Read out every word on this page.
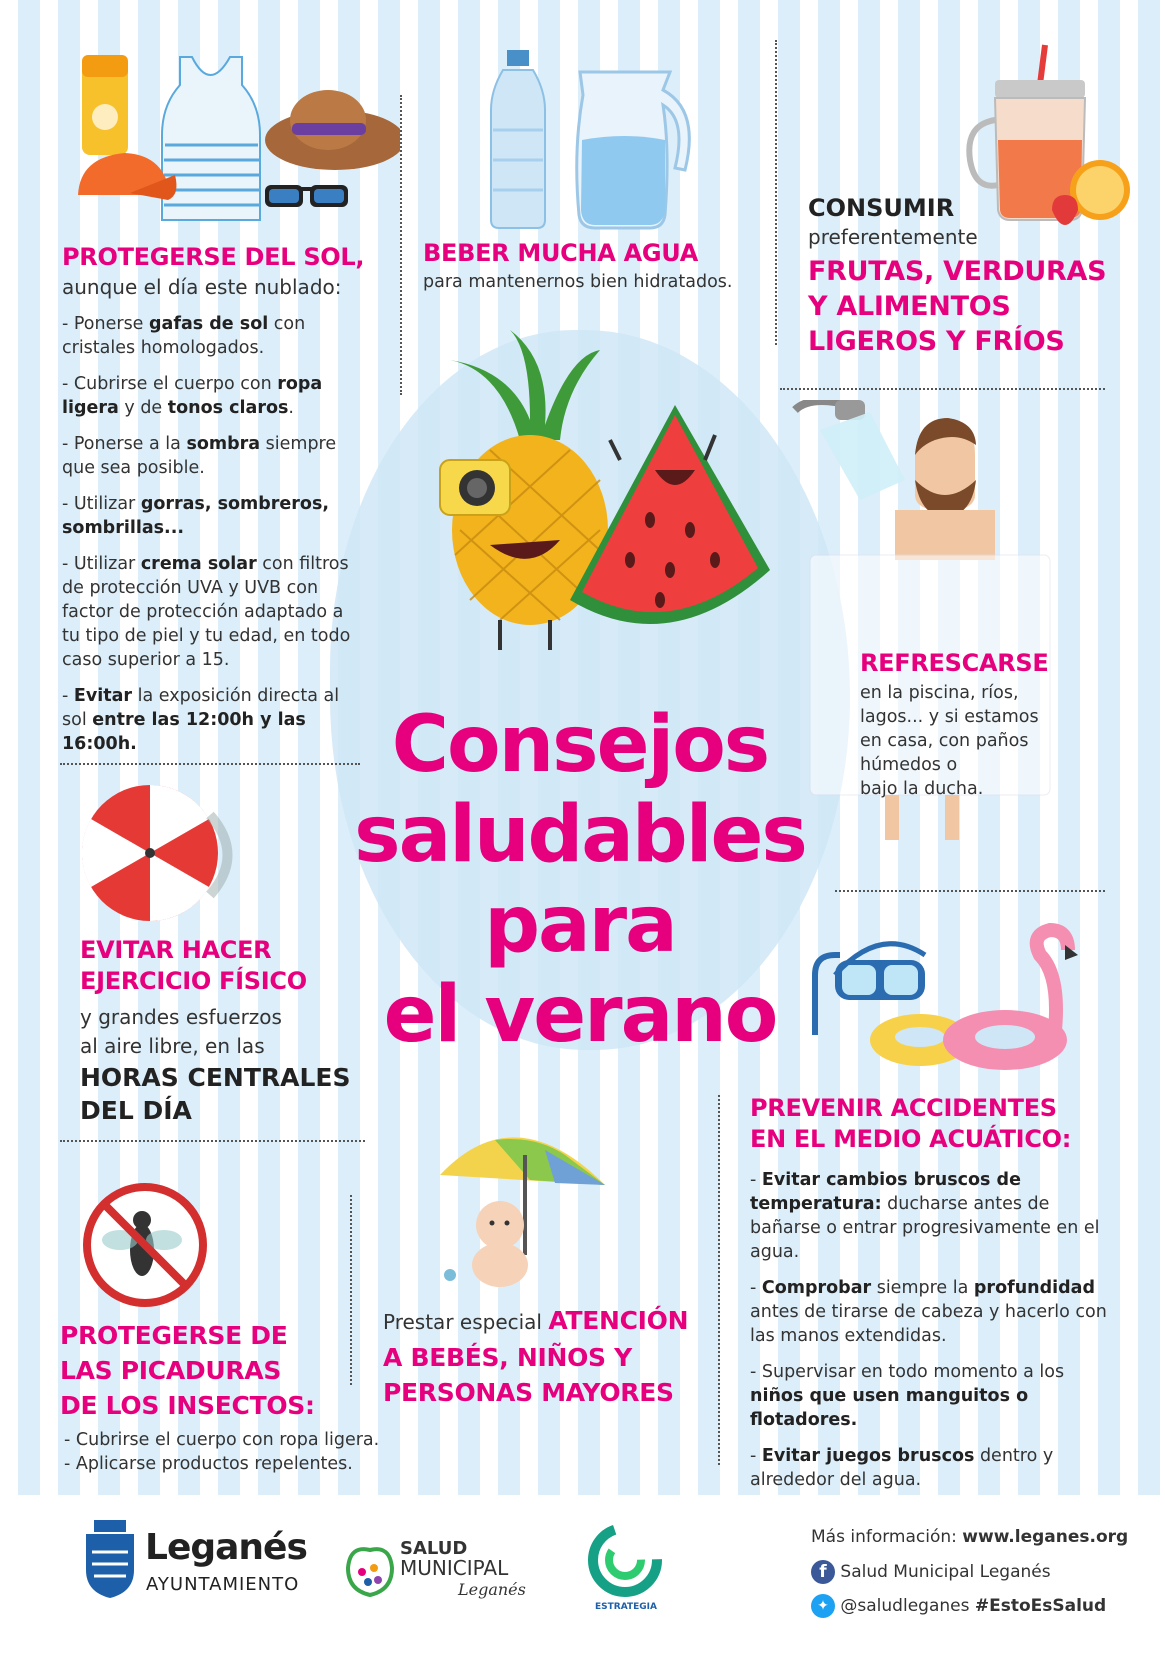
PROTEGERSE DEL SOL,
aunque el día este nublado:

- Ponerse gafas de sol con cristales homologados.

- Cubrirse el cuerpo con ropa ligera y de tonos claros.

- Ponerse a la sombra siempre que sea posible.

- Utilizar gorras, sombreros, sombrillas...

- Utilizar crema solar con filtros de protección UVA y UVB con factor de protección adaptado a tu tipo de piel y tu edad, en todo caso superior a 15.

- Evitar la exposición directa al sol entre las 12:00h y las 16:00h.

BEBER MUCHA AGUA
para mantenernos bien hidratados.
CONSUMIR
preferentemente
FRUTAS, VERDURAS
Y ALIMENTOS
LIGEROS Y FRÍOS
REFRESCARSE
en la piscina, ríos,
lagos... y si estamos
en casa, con paños
húmedos o
bajo la ducha.
Consejos
saludables
para
el verano
EVITAR HACER
EJERCICIO FÍSICO
y grandes esfuerzos
al aire libre, en las
HORAS CENTRALES
DEL DÍA	PREVENIR ACCIDENTES
EN EL MEDIO ACUÁTICO:

- Evitar cambios bruscos de temperatura: ducharse antes de bañarse o entrar progresivamente en el agua.

- Comprobar siempre la profundidad antes de tirarse de cabeza y hacerlo con las manos extendidas.

- Supervisar en todo momento a los niños que usen manguitos o flotadores.

- Evitar juegos bruscos dentro y alrededor del agua.

Prestar especial ATENCIÓN
A BEBÉS, NIÑOS Y
PERSONAS MAYORES
PROTEGERSE DE
LAS PICADURAS
DE LOS INSECTOS:
- Cubrirse el cuerpo con ropa ligera.
- Aplicarse productos repelentes.
Leganés
AYUNTAMIENTO
SALUD
MUNICIPAL
Leganés
ESTRATEGIA
Más información: www.leganes.org
f Salud Municipal Leganés
✦ @saludleganes #EstoEsSalud
